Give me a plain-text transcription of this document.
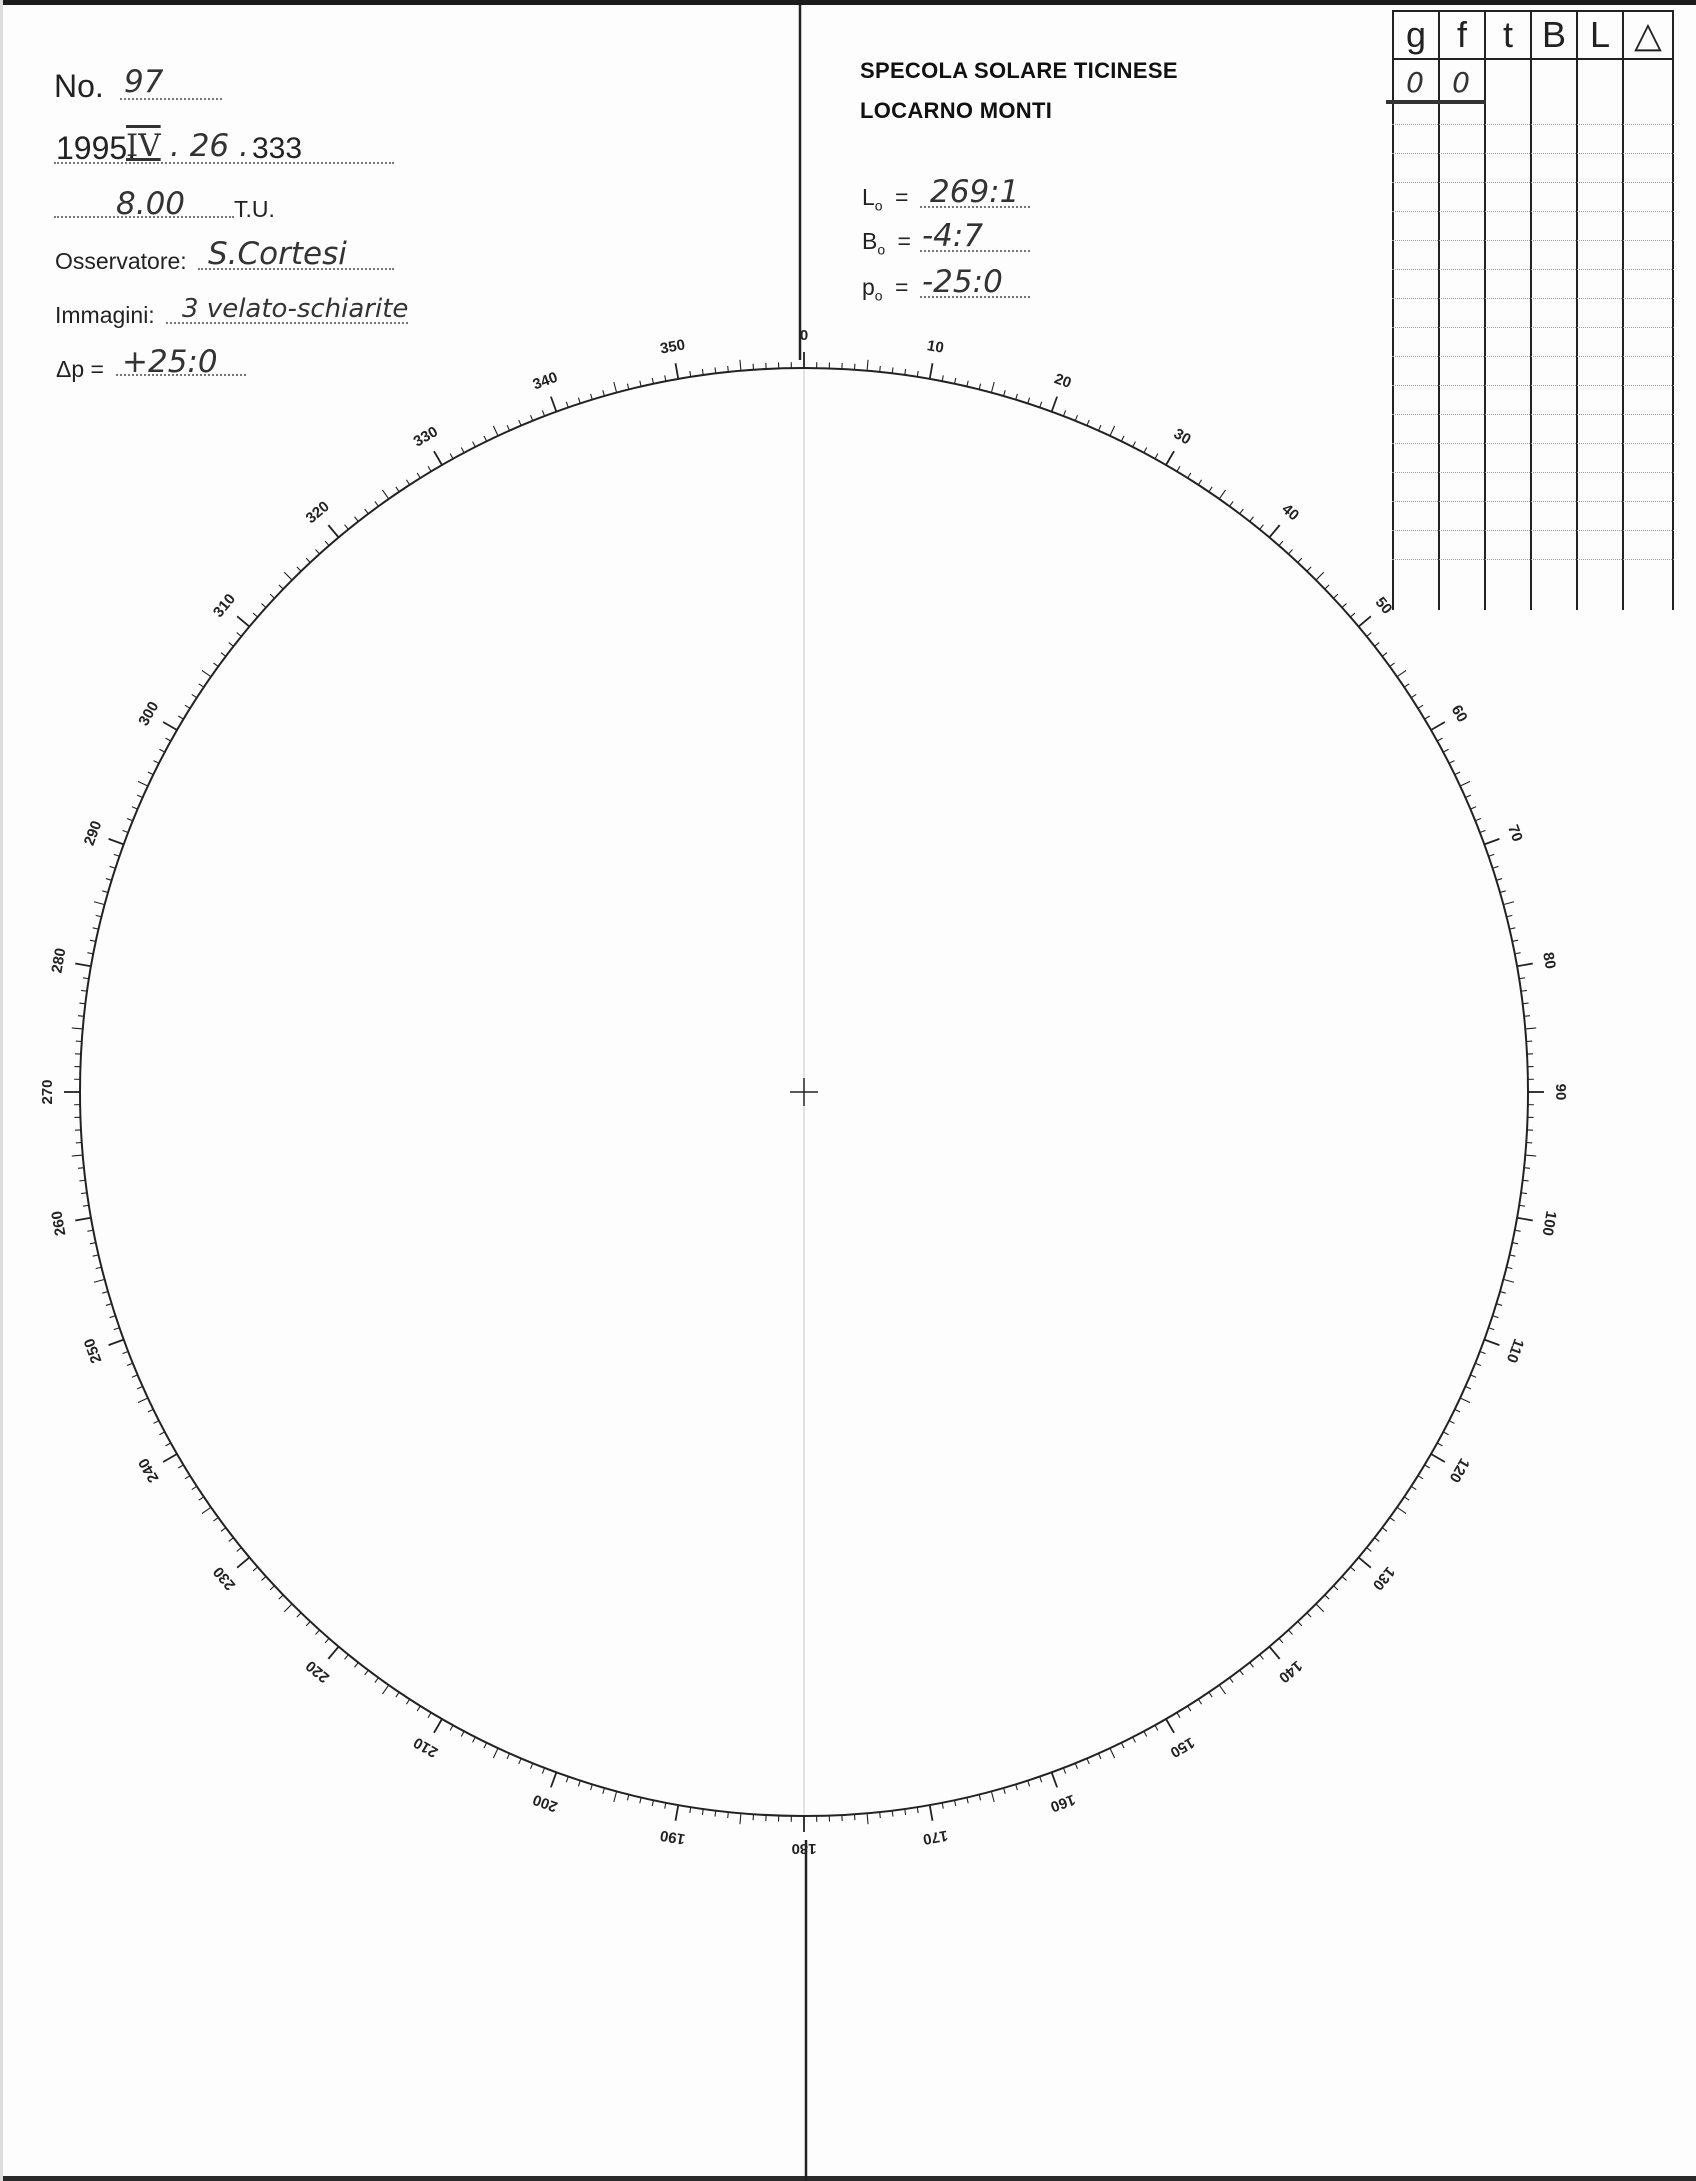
No. 97
1995.
IV . 26 . 333
8.00 T.U.
Osservatore: S.Cortesi
Immagini: 3 velato-schiarite
Δp = +25:0
SPECOLA SOLARE TICINESE
LOCARNO MONTI
$L_o$ = 269:1
$B_o$ = -4:7
$p_o$ = -25:0
g f t B L △
0	0
0
10
20
30
40
50
60
70
80
90
100
110
120
130
140
150
160
170
180
190
200
210
220
230
240
250
260
270
280
290
300
310
320
330
340
350
